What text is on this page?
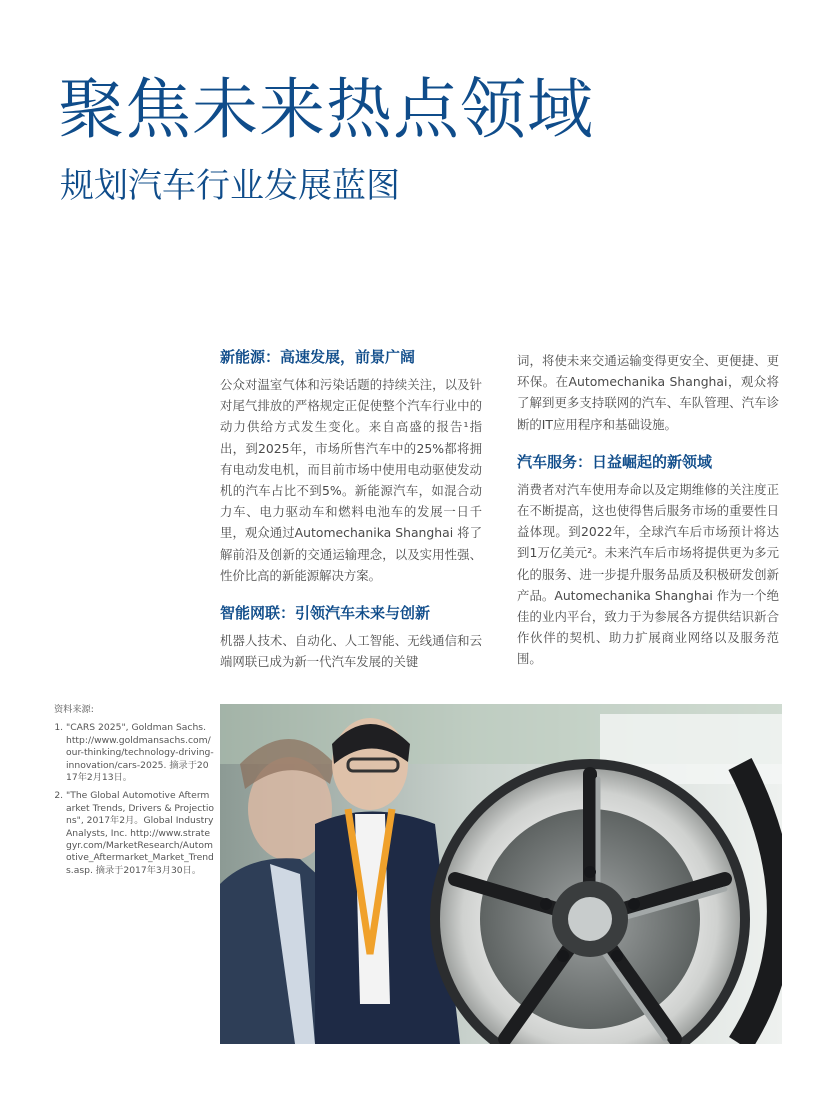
聚焦未来热点领域
规划汽车行业发展蓝图
新能源：高速发展，前景广阔

公众对温室气体和污染话题的持续关注，以及针对尾气排放的严格规定正促使整个汽车行业中的动力供给方式发生变化。来自高盛的报告¹指出，到2025年，市场所售汽车中的25%都将拥有电动发电机，而目前市场中使用电动驱使发动机的汽车占比不到5%。新能源汽车，如混合动力车、电力驱动车和燃料电池车的发展一日千里，观众通过Automechanika Shanghai 将了解前沿及创新的交通运输理念，以及实用性强、性价比高的新能源解决方案。

智能网联：引领汽车未来与创新

机器人技术、自动化、人工智能、无线通信和云端网联已成为新一代汽车发展的关键

词，将使未来交通运输变得更安全、更便捷、更环保。在Automechanika Shanghai，观众将了解到更多支持联网的汽车、车队管理、汽车诊断的IT应用程序和基础设施。

汽车服务：日益崛起的新领域

消费者对汽车使用寿命以及定期维修的关注度正在不断提高，这也使得售后服务市场的重要性日益体现。到2022年，全球汽车后市场预计将达到1万亿美元²。未来汽车后市场将提供更为多元化的服务、进一步提升服务品质及积极研发创新产品。Automechanika Shanghai 作为一个绝佳的业内平台，致力于为参展各方提供结识新合作伙伴的契机、助力扩展商业网络以及服务范围。

资料来源:

1. "CARS 2025", Goldman Sachs. http://www.goldmansachs.com/our-thinking/technology-driving-innovation/cars-2025. 摘录于2017年2月13日。
2. "The Global Automotive Aftermarket Trends, Drivers & Projections", 2017年2月。Global Industry Analysts, Inc. http://www.strategyr.com/MarketResearch/Automotive_Aftermarket_Market_Trends.asp. 摘录于2017年3月30日。
